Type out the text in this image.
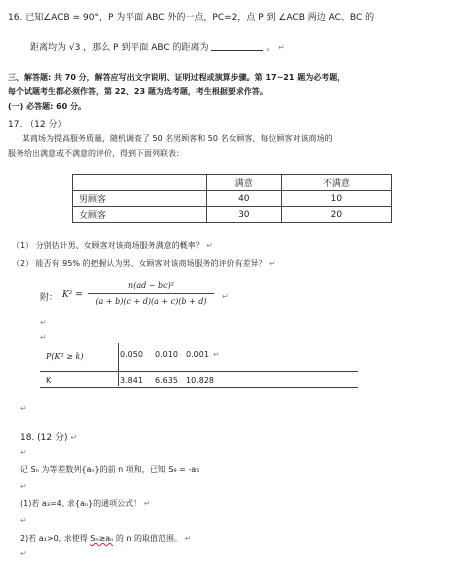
16. 已知∠ACB = 90°，P 为平面 ABC 外的一点，PC=2，点 P 到 ∠ACB 两边 AC、BC 的
距离均为 √3 ，那么 P 到平面 ABC 的距离为	。 ↵
三、解答题: 共 70 分，解答应写出文字说明、证明过程或演算步骤。第 17~21 题为必考题，
每个试题考生都必须作答，第 22、23 题为选考题，考生根据要求作答。
(一) 必答题: 60 分。
17. （12 分）
某商场为提高服务质量，随机调查了 50 名男顾客和 50 名女顾客，每位顾客对该商场的
服务给出满意或不满意的评价，得到下面列联表：
	满意	不满意
男顾客	40	10
女顾客	30	20
（1） 分别估计男、女顾客对该商场服务满意的概率？ ↵
（2） 能否有 95% 的把握认为男、女顾客对该商场服务的评价有差异？ ↵
附： K² =
n(ad − bc)²
(a + b)(c + d)(a + c)(b + d)
↵
↵
↵
P(K² ≥ k)	0.050 0.010 0.001 ↵
K	3.841 6.635 10.828
↵
18. (12 分) ↵
↵
记 Sₙ 为等差数列{aₙ}的前 n 项和，已知 S₉ = -a₅
↵
(1)若 a₃=4, 求{aₙ}的通项公式！ ↵
↵
2)若 a₁>0, 求使得 Sₙ≥aₙ 的 n 的取值范围。 ↵
↵
